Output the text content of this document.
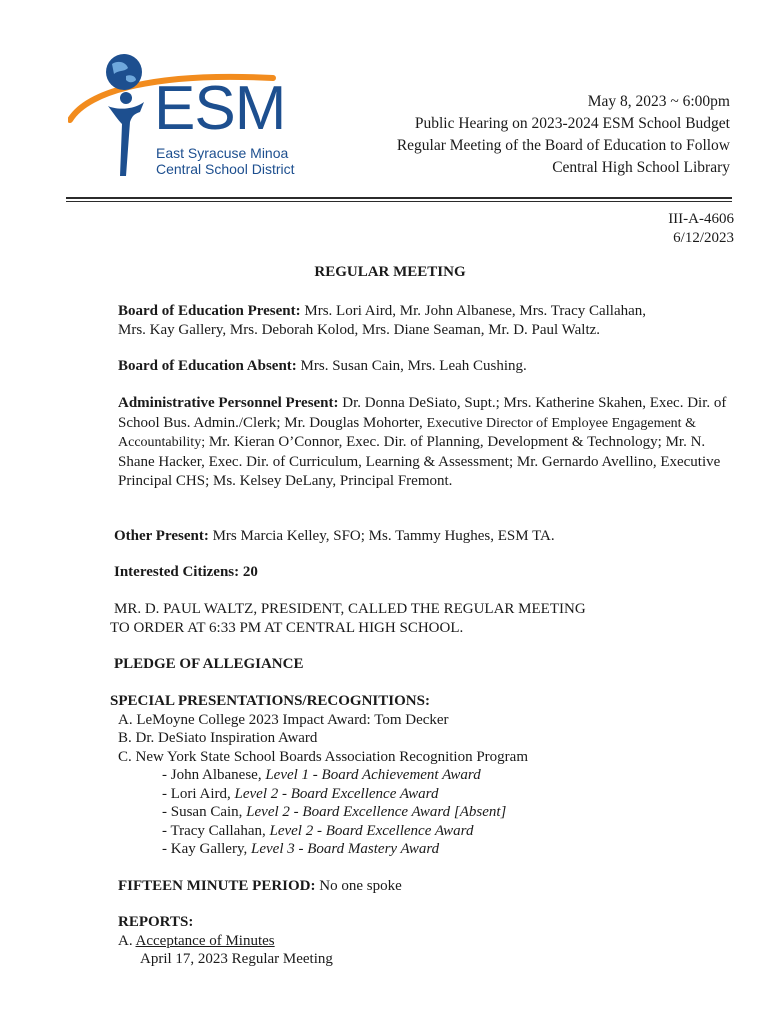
ESM
East Syracuse Minoa
Central School District
May 8, 2023 ~ 6:00pm
Public Hearing on 2023-2024 ESM School Budget
Regular Meeting of the Board of Education to Follow
Central High School Library
III-A-4606
6/12/2023
REGULAR MEETING

Board of Education Present: Mrs. Lori Aird, Mr. John Albanese, Mrs. Tracy Callahan,

Mrs. Kay Gallery, Mrs. Deborah Kolod, Mrs. Diane Seaman, Mr. D. Paul Waltz.

Board of Education Absent: Mrs. Susan Cain, Mrs. Leah Cushing.

Administrative Personnel Present: Dr. Donna DeSiato, Supt.; Mrs. Katherine Skahen, Exec. Dir. of

School Bus. Admin./Clerk; Mr. Douglas Mohorter, Executive Director of Employee Engagement &

Accountability; Mr. Kieran O’Connor, Exec. Dir. of Planning, Development & Technology; Mr. N.

Shane Hacker, Exec. Dir. of Curriculum, Learning & Assessment; Mr. Gernardo Avellino, Executive

Principal CHS; Ms. Kelsey DeLany, Principal Fremont.

Other Present: Mrs Marcia Kelley, SFO; Ms. Tammy Hughes, ESM TA.

Interested Citizens: 20

MR. D. PAUL WALTZ, PRESIDENT, CALLED THE REGULAR MEETING

TO ORDER AT 6:33 PM AT CENTRAL HIGH SCHOOL.

PLEDGE OF ALLEGIANCE

SPECIAL PRESENTATIONS/RECOGNITIONS:

A. LeMoyne College 2023 Impact Award: Tom Decker

B. Dr. DeSiato Inspiration Award

C. New York State School Boards Association Recognition Program

- John Albanese, Level 1 - Board Achievement Award

- Lori Aird, Level 2 - Board Excellence Award

- Susan Cain, Level 2 - Board Excellence Award [Absent]

- Tracy Callahan, Level 2 - Board Excellence Award

- Kay Gallery, Level 3 - Board Mastery Award

FIFTEEN MINUTE PERIOD: No one spoke

REPORTS:

A. Acceptance of Minutes

April 17, 2023 Regular Meeting
